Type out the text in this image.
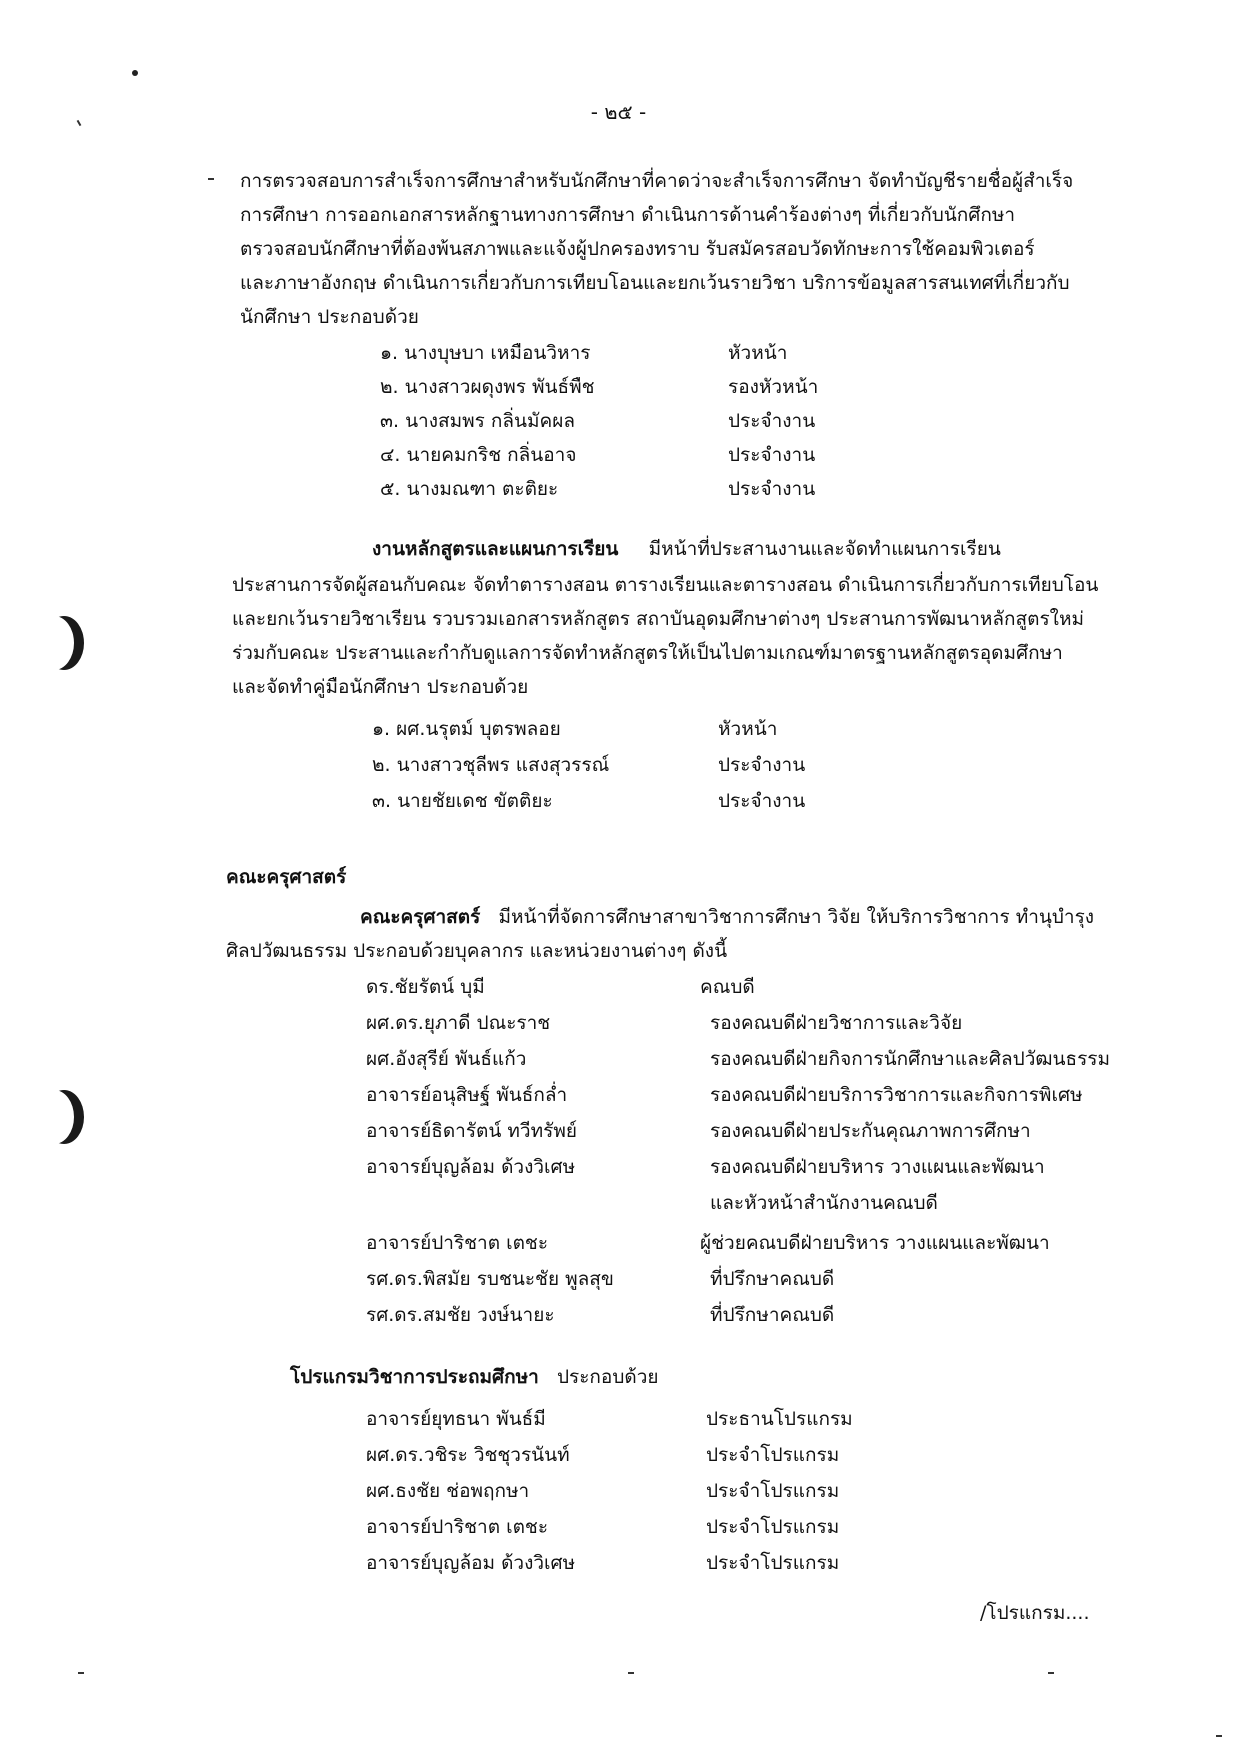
- ๒๕ -
การตรวจสอบการสำเร็จการศึกษาสำหรับนักศึกษาที่คาดว่าจะสำเร็จการศึกษา จัดทำบัญชีรายชื่อผู้สำเร็จ
การศึกษา การออกเอกสารหลักฐานทางการศึกษา ดำเนินการด้านคำร้องต่างๆ ที่เกี่ยวกับนักศึกษา
ตรวจสอบนักศึกษาที่ต้องพ้นสภาพและแจ้งผู้ปกครองทราบ รับสมัครสอบวัดทักษะการใช้คอมพิวเตอร์
และภาษาอังกฤษ ดำเนินการเกี่ยวกับการเทียบโอนและยกเว้นรายวิชา บริการข้อมูลสารสนเทศที่เกี่ยวกับ
นักศึกษา ประกอบด้วย
๑. นางบุษบา เหมือนวิหาร	หัวหน้า
๒. นางสาวผดุงพร พันธ์พืช	รองหัวหน้า
๓. นางสมพร กลิ่นมัคผล	ประจำงาน
๔. นายคมกริช กลิ่นอาจ	ประจำงาน
๕. นางมณฑา ตะติยะ	ประจำงาน
งานหลักสูตรและแผนการเรียน มีหน้าที่ประสานงานและจัดทำแผนการเรียน
ประสานการจัดผู้สอนกับคณะ จัดทำตารางสอน ตารางเรียนและตารางสอน ดำเนินการเกี่ยวกับการเทียบโอน
และยกเว้นรายวิชาเรียน รวบรวมเอกสารหลักสูตร สถาบันอุดมศึกษาต่างๆ ประสานการพัฒนาหลักสูตรใหม่
ร่วมกับคณะ ประสานและกำกับดูแลการจัดทำหลักสูตรให้เป็นไปตามเกณฑ์มาตรฐานหลักสูตรอุดมศึกษา
และจัดทำคู่มือนักศึกษา ประกอบด้วย
๑. ผศ.นรุตม์ บุตรพลอย	หัวหน้า
๒. นางสาวชุลีพร แสงสุวรรณ์	ประจำงาน
๓. นายชัยเดช ขัตติยะ	ประจำงาน
คณะครุศาสตร์
คณะครุศาสตร์ มีหน้าที่จัดการศึกษาสาขาวิชาการศึกษา วิจัย ให้บริการวิชาการ ทำนุบำรุง
ศิลปวัฒนธรรม ประกอบด้วยบุคลากร และหน่วยงานต่างๆ ดังนี้
ดร.ชัยรัตน์ บุมี	คณบดี
ผศ.ดร.ยุภาดี ปณะราช	รองคณบดีฝ่ายวิชาการและวิจัย
ผศ.อังสุรีย์ พันธ์แก้ว	รองคณบดีฝ่ายกิจการนักศึกษาและศิลปวัฒนธรรม
อาจารย์อนุสิษฐ์ พันธ์กล่ำ	รองคณบดีฝ่ายบริการวิชาการและกิจการพิเศษ
อาจารย์ธิดารัตน์ ทวีทรัพย์	รองคณบดีฝ่ายประกันคุณภาพการศึกษา
อาจารย์บุญล้อม ด้วงวิเศษ	รองคณบดีฝ่ายบริหาร วางแผนและพัฒนา
และหัวหน้าสำนักงานคณบดี
อาจารย์ปาริชาต เตชะ	ผู้ช่วยคณบดีฝ่ายบริหาร วางแผนและพัฒนา
รศ.ดร.พิสมัย รบชนะชัย พูลสุข	ที่ปรึกษาคณบดี
รศ.ดร.สมชัย วงษ์นายะ	ที่ปรึกษาคณบดี
โปรแกรมวิชาการประถมศึกษา ประกอบด้วย
อาจารย์ยุทธนา พันธ์มี	ประธานโปรแกรม
ผศ.ดร.วชิระ วิชชุวรนันท์	ประจำโปรแกรม
ผศ.ธงชัย ช่อพฤกษา	ประจำโปรแกรม
อาจารย์ปาริชาต เตชะ	ประจำโปรแกรม
อาจารย์บุญล้อม ด้วงวิเศษ	ประจำโปรแกรม
/โปรแกรม....
